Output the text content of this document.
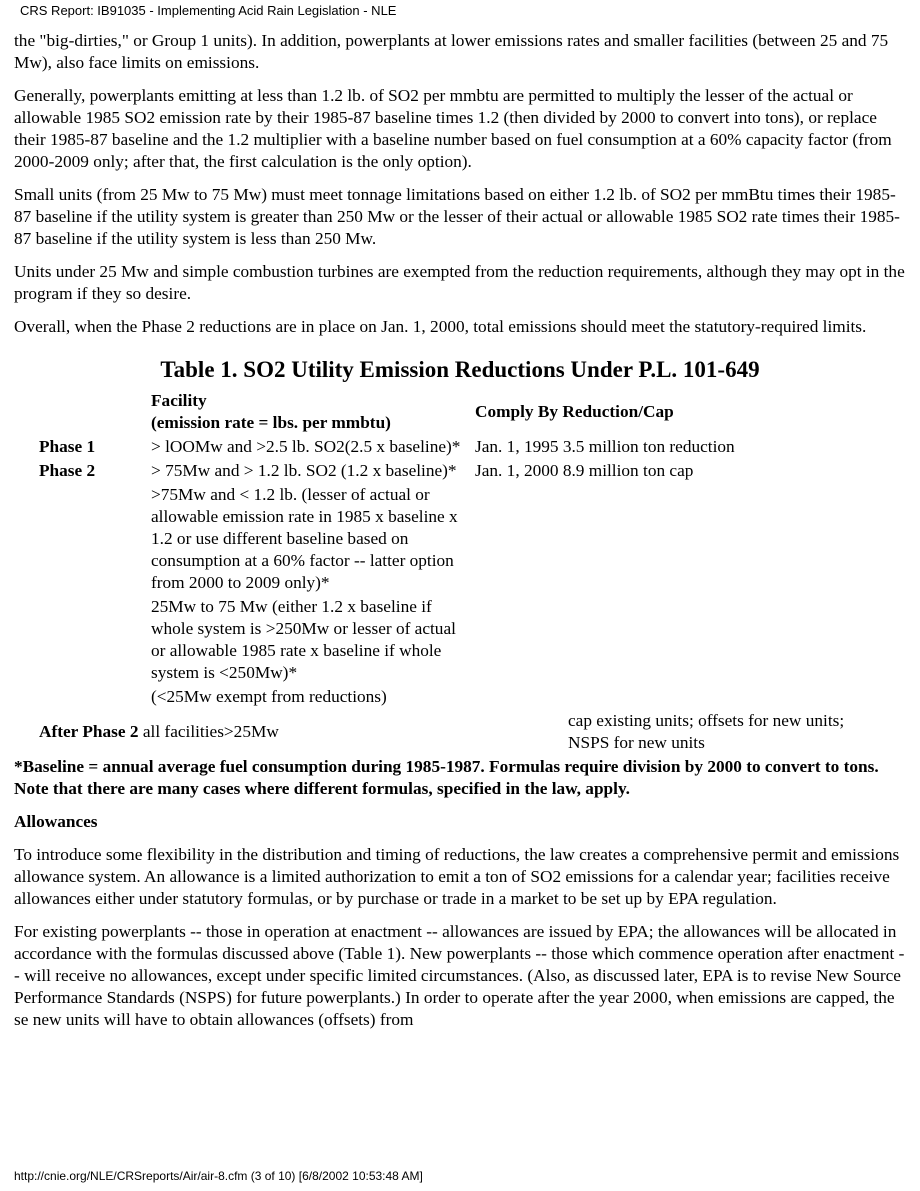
CRS Report: IB91035 - Implementing Acid Rain Legislation - NLE

the "big-dirties," or Group 1 units). In addition, powerplants at lower emissions rates and smaller facilities (between 25 and 75 Mw), also face limits on emissions.

Generally, powerplants emitting at less than 1.2 lb. of SO2 per mmbtu are permitted to multiply the lesser of the actual or allowable 1985 SO2 emission rate by their 1985-87 baseline times 1.2 (then divided by 2000 to convert into tons), or replace their 1985-87 baseline and the 1.2 multiplier with a baseline number based on fuel consumption at a 60% capacity factor (from 2000-2009 only; after that, the first calculation is the only option).

Small units (from 25 Mw to 75 Mw) must meet tonnage limitations based on either 1.2 lb. of SO2 per mmBtu times their 1985-87 baseline if the utility system is greater than 250 Mw or the lesser of their actual or allowable 1985 SO2 rate times their 1985-87 baseline if the utility system is less than 250 Mw.

Units under 25 Mw and simple combustion turbines are exempted from the reduction requirements, although they may opt in the program if they so desire.

Overall, when the Phase 2 reductions are in place on Jan. 1, 2000, total emissions should meet the statutory-required limits.

Table 1. SO2 Utility Emission Reductions Under P.L. 101-649
	Facility
(emission rate = lbs. per mmbtu)	Comply By Reduction/Cap
Phase 1	> lOOMw and >2.5 lb. SO2(2.5 x baseline)*	Jan. 1, 1995 3.5 million ton reduction
Phase 2	> 75Mw and > 1.2 lb. SO2 (1.2 x baseline)*	Jan. 1, 2000 8.9 million ton cap
	>75Mw and < 1.2 lb. (lesser of actual or allowable emission rate in 1985 x baseline x 1.2 or use different baseline based on consumption at a 60% factor -- latter option from 2000 to 2009 only)*	
	25Mw to 75 Mw (either 1.2 x baseline if whole system is >250Mw or lesser of actual or allowable 1985 rate x baseline if whole system is <250Mw)*	
	(<25Mw exempt from reductions)	
After Phase 2 all facilities>25Mw		cap existing units; offsets for new units; NSPS for new units

*Baseline = annual average fuel consumption during 1985-1987. Formulas require division by 2000 to convert to tons. Note that there are many cases where different formulas, specified in the law, apply.

Allowances

To introduce some flexibility in the distribution and timing of reductions, the law creates a comprehensive permit and emissions allowance system. An allowance is a limited authorization to emit a ton of SO2 emissions for a calendar year; facilities receive allowances either under statutory formulas, or by purchase or trade in a market to be set up by EPA regulation.

For existing powerplants -- those in operation at enactment -- allowances are issued by EPA; the allowances will be allocated in accordance with the formulas discussed above (Table 1). New powerplants -- those which commence operation after enactment -- will receive no allowances, except under specific limited circumstances. (Also, as discussed later, EPA is to revise New Source Performance Standards (NSPS) for future powerplants.) In order to operate after the year 2000, when emissions are capped, the se new units will have to obtain allowances (offsets) from

http://cnie.org/NLE/CRSreports/Air/air-8.cfm (3 of 10) [6/8/2002 10:53:48 AM]
